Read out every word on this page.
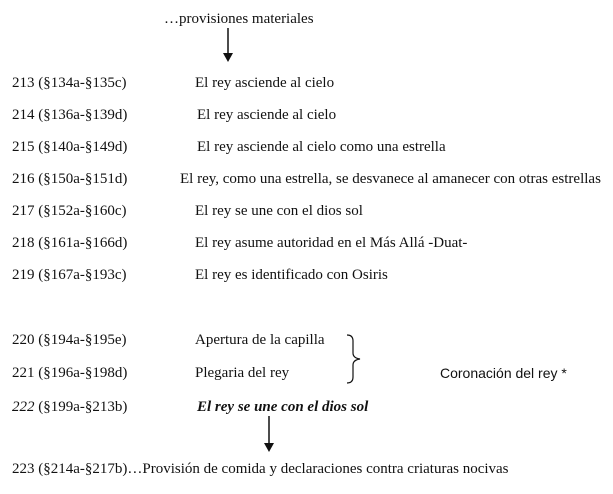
…provisiones materiales
213 (§134a-§135c)	El rey asciende al cielo
214 (§136a-§139d)	El rey asciende al cielo
215 (§140a-§149d)	El rey asciende al cielo como una estrella
216 (§150a-§151d)	El rey, como una estrella, se desvanece al amanecer con otras estrellas
217 (§152a-§160c)	El rey se une con el dios sol
218 (§161a-§166d)	El rey asume autoridad en el Más Allá -Duat-
219 (§167a-§193c)	El rey es identificado con Osiris
220 (§194a-§195e)	Apertura de la capilla
221 (§196a-§198d)	Plegaria del rey
222 (§199a-§213b)	El rey se une con el dios sol
Coronación del rey *
223 (§214a-§217b)…Provisión de comida y declaraciones contra criaturas nocivas
